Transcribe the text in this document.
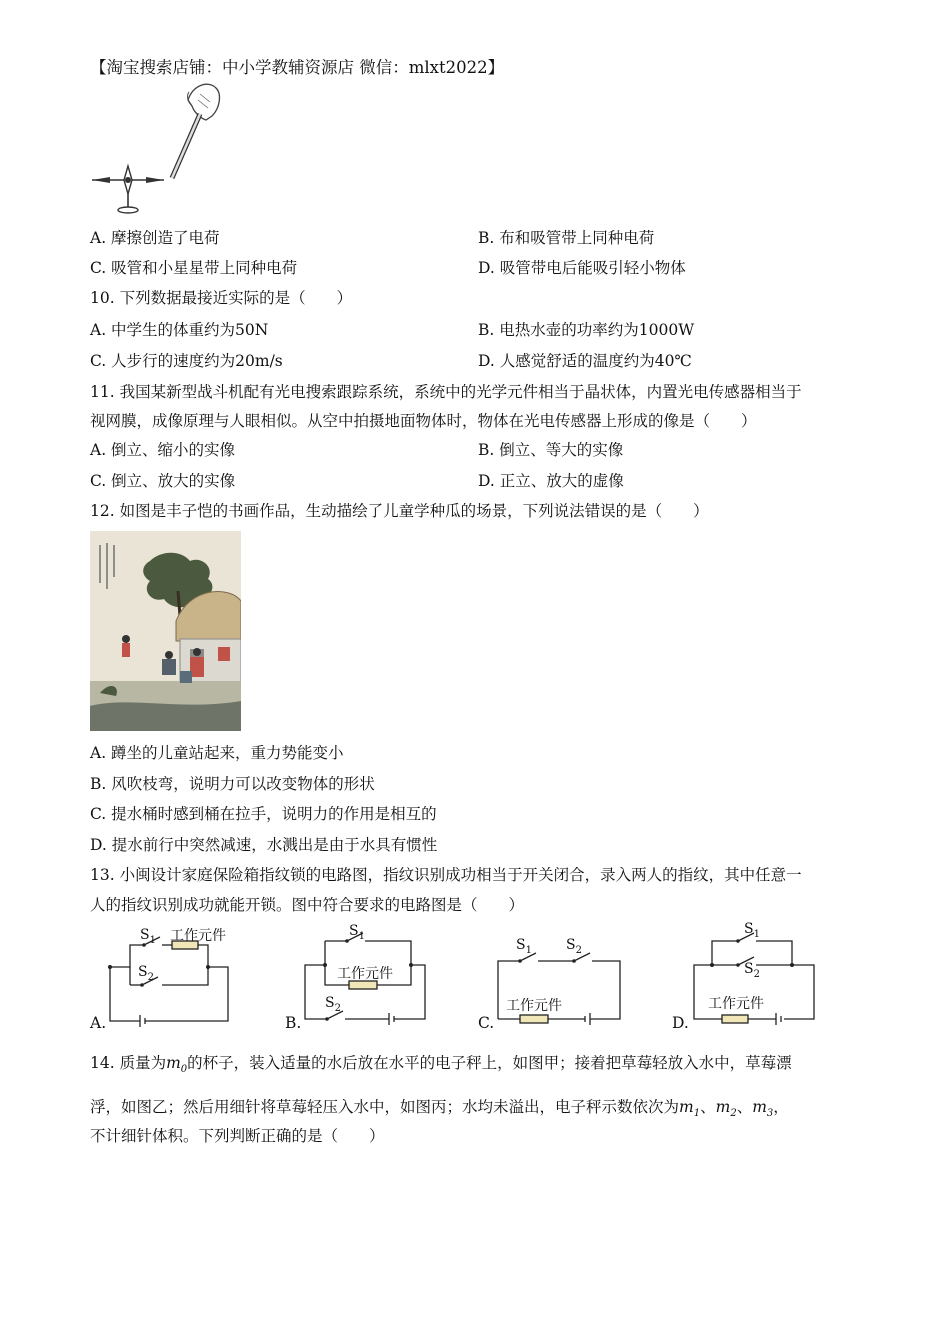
【淘宝搜索店铺：中小学教辅资源店 微信：mlxt2022】
A. 摩擦创造了电荷	B. 布和吸管带上同种电荷
C. 吸管和小星星带上同种电荷	D. 吸管带电后能吸引轻小物体
10. 下列数据最接近实际的是（　　）
A. 中学生的体重约为50N	B. 电热水壶的功率约为1000W
C. 人步行的速度约为20m/s	D. 人感觉舒适的温度约为40℃
11. 我国某新型战斗机配有光电搜索跟踪系统，系统中的光学元件相当于晶状体，内置光电传感器相当于
视网膜，成像原理与人眼相似。从空中拍摄地面物体时，物体在光电传感器上形成的像是（　　）
A. 倒立、缩小的实像	B. 倒立、等大的实像
C. 倒立、放大的实像	D. 正立、放大的虚像
12. 如图是丰子恺的书画作品，生动描绘了儿童学种瓜的场景，下列说法错误的是（　　）
A. 蹲坐的儿童站起来，重力势能变小
B. 风吹枝弯，说明力可以改变物体的形状
C. 提水桶时感到桶在拉手，说明力的作用是相互的
D. 提水前行中突然减速，水溅出是由于水具有惯性
13. 小闽设计家庭保险箱指纹锁的电路图，指纹识别成功相当于开关闭合，录入两人的指纹，其中任意一
人的指纹识别成功就能开锁。图中符合要求的电路图是（　　）
$S_1$
$S_2$
工作元件
A.
$S_1$
$S_2$
工作元件
B.
$S_1$ $S_2$
工作元件
C.
$S_1$
$S_2$
工作元件
D.
14. 质量为$m_0$的杯子，装入适量的水后放在水平的电子秤上，如图甲；接着把草莓轻放入水中，草莓漂
浮，如图乙；然后用细针将草莓轻压入水中，如图丙；水均未溢出，电子秤示数依次为$m_1$、$m_2$、$m_3$，
不计细针体积。下列判断正确的是（　　）
